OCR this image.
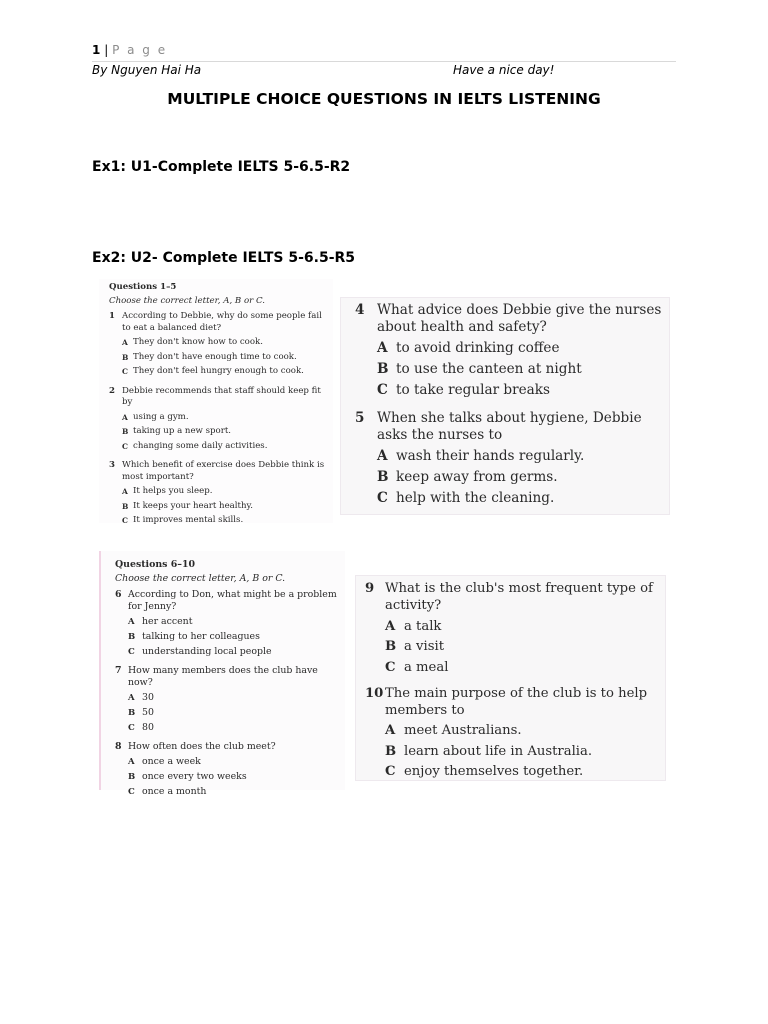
1 | P a g e
By Nguyen Hai Ha	Have a nice day!
MULTIPLE CHOICE QUESTIONS IN IELTS LISTENING
Ex1: U1-Complete IELTS 5-6.5-R2
Ex2: U2- Complete IELTS 5-6.5-R5
Questions 1–5
Choose the correct letter, A, B or C.
1 According to Debbie, why do some people fail to eat a balanced diet?
A They don't know how to cook.
B They don't have enough time to cook.
C They don't feel hungry enough to cook.
2 Debbie recommends that staff should keep fit by
A using a gym.
B taking up a new sport.
C changing some daily activities.
3 Which benefit of exercise does Debbie think is most important?
A It helps you sleep.
B It keeps your heart healthy.
C It improves mental skills.
4 What advice does Debbie give the nurses about health and safety?
A to avoid drinking coffee
B to use the canteen at night
C to take regular breaks
5 When she talks about hygiene, Debbie asks the nurses to
A wash their hands regularly.
B keep away from germs.
C help with the cleaning.
Questions 6–10
Choose the correct letter, A, B or C.
6 According to Don, what might be a problem for Jenny?
A her accent
B talking to her colleagues
C understanding local people
7 How many members does the club have now?
A 30
B 50
C 80
8 How often does the club meet?
A once a week
B once every two weeks
C once a month
9 What is the club's most frequent type of activity?
A a talk
B a visit
C a meal
10 The main purpose of the club is to help members to
A meet Australians.
B learn about life in Australia.
C enjoy themselves together.
